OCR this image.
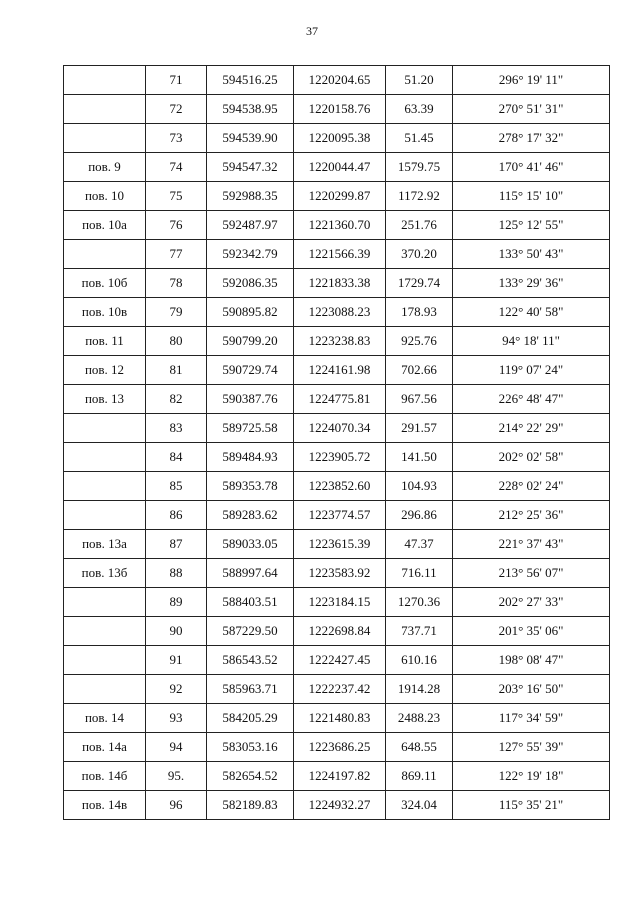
37
	71	594516.25	1220204.65	51.20	296° 19' 11"
	72	594538.95	1220158.76	63.39	270° 51' 31"
	73	594539.90	1220095.38	51.45	278° 17' 32"
пов. 9	74	594547.32	1220044.47	1579.75	170° 41' 46"
пов. 10	75	592988.35	1220299.87	1172.92	115° 15' 10"
пов. 10а	76	592487.97	1221360.70	251.76	125° 12' 55"
	77	592342.79	1221566.39	370.20	133° 50' 43"
пов. 10б	78	592086.35	1221833.38	1729.74	133° 29' 36"
пов. 10в	79	590895.82	1223088.23	178.93	122° 40' 58"
пов. 11	80	590799.20	1223238.83	925.76	94° 18' 11"
пов. 12	81	590729.74	1224161.98	702.66	119° 07' 24"
пов. 13	82	590387.76	1224775.81	967.56	226° 48' 47"
	83	589725.58	1224070.34	291.57	214° 22' 29"
	84	589484.93	1223905.72	141.50	202° 02' 58"
	85	589353.78	1223852.60	104.93	228° 02' 24"
	86	589283.62	1223774.57	296.86	212° 25' 36"
пов. 13а	87	589033.05	1223615.39	47.37	221° 37' 43"
пов. 13б	88	588997.64	1223583.92	716.11	213° 56' 07"
	89	588403.51	1223184.15	1270.36	202° 27' 33"
	90	587229.50	1222698.84	737.71	201° 35' 06"
	91	586543.52	1222427.45	610.16	198° 08' 47"
	92	585963.71	1222237.42	1914.28	203° 16' 50"
пов. 14	93	584205.29	1221480.83	2488.23	117° 34' 59"
пов. 14а	94	583053.16	1223686.25	648.55	127° 55' 39"
пов. 14б	95.	582654.52	1224197.82	869.11	122° 19' 18"
пов. 14в	96	582189.83	1224932.27	324.04	115° 35' 21"
